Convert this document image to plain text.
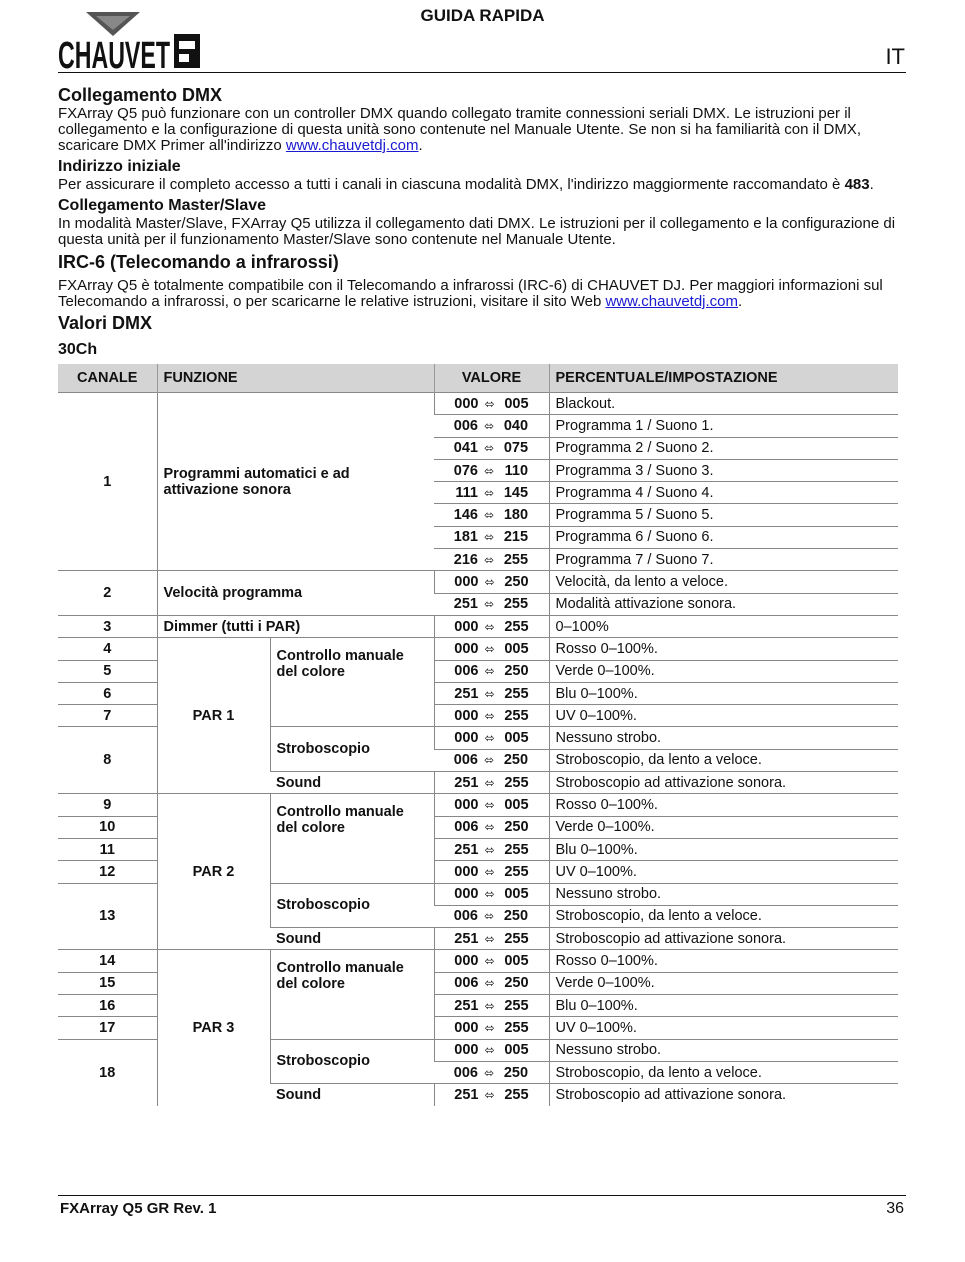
GUIDA RAPIDA
CHAUVET	IT
Collegamento DMX

FXArray Q5 può funzionare con un controller DMX quando collegato tramite connessioni seriali DMX. Le istruzioni per il collegamento e la configurazione di questa unità sono contenute nel Manuale Utente. Se non si ha familiarità con il DMX, scaricare DMX Primer all'indirizzo www.chauvetdj.com.

Indirizzo iniziale

Per assicurare il completo accesso a tutti i canali in ciascuna modalità DMX, l'indirizzo maggiormente raccomandato è 483.

Collegamento Master/Slave

In modalità Master/Slave, FXArray Q5 utilizza il collegamento dati DMX. Le istruzioni per il collegamento e la configurazione di questa unità per il funzionamento Master/Slave sono contenute nel Manuale Utente.

IRC-6 (Telecomando a infrarossi)

FXArray Q5 è totalmente compatibile con il Telecomando a infrarossi (IRC-6) di CHAUVET DJ. Per maggiori informazioni sul Telecomando a infrarossi, o per scaricarne le relative istruzioni, visitare il sito Web www.chauvetdj.com.

Valori DMX
30Ch
CANALE	FUNZIONE		VALORE	PERCENTUALE/IMPOSTAZIONE
1	Programmi automatici e ad attivazione sonora		000 ⬄ 005	Blackout.
			006 ⬄ 040	Programma 1 / Suono 1.
			041 ⬄ 075	Programma 2 / Suono 2.
			076 ⬄ 110	Programma 3 / Suono 3.
			111 ⬄ 145	Programma 4 / Suono 4.
			146 ⬄ 180	Programma 5 / Suono 5.
			181 ⬄ 215	Programma 6 / Suono 6.
			216 ⬄ 255	Programma 7 / Suono 7.
2	Velocità programma		000 ⬄ 250	Velocità, da lento a veloce.
			251 ⬄ 255	Modalità attivazione sonora.
3	Dimmer (tutti i PAR)		000 ⬄ 255	0–100%
4	PAR 1	Controllo manuale del colore	000 ⬄ 005	Rosso 0–100%.
5			006 ⬄ 250	Verde 0–100%.
6			251 ⬄ 255	Blu 0–100%.
7			000 ⬄ 255	UV 0–100%.
8		Stroboscopio	000 ⬄ 005	Nessuno strobo.
			006 ⬄ 250	Stroboscopio, da lento a veloce.
		Sound	251 ⬄ 255	Stroboscopio ad attivazione sonora.
9	PAR 2	Controllo manuale del colore	000 ⬄ 005	Rosso 0–100%.
10			006 ⬄ 250	Verde 0–100%.
11			251 ⬄ 255	Blu 0–100%.
12			000 ⬄ 255	UV 0–100%.
13		Stroboscopio	000 ⬄ 005	Nessuno strobo.
			006 ⬄ 250	Stroboscopio, da lento a veloce.
		Sound	251 ⬄ 255	Stroboscopio ad attivazione sonora.
14	PAR 3	Controllo manuale del colore	000 ⬄ 005	Rosso 0–100%.
15			006 ⬄ 250	Verde 0–100%.
16			251 ⬄ 255	Blu 0–100%.
17			000 ⬄ 255	UV 0–100%.
18		Stroboscopio	000 ⬄ 005	Nessuno strobo.
			006 ⬄ 250	Stroboscopio, da lento a veloce.
		Sound	251 ⬄ 255	Stroboscopio ad attivazione sonora.
FXArray Q5 GR Rev. 1	36
